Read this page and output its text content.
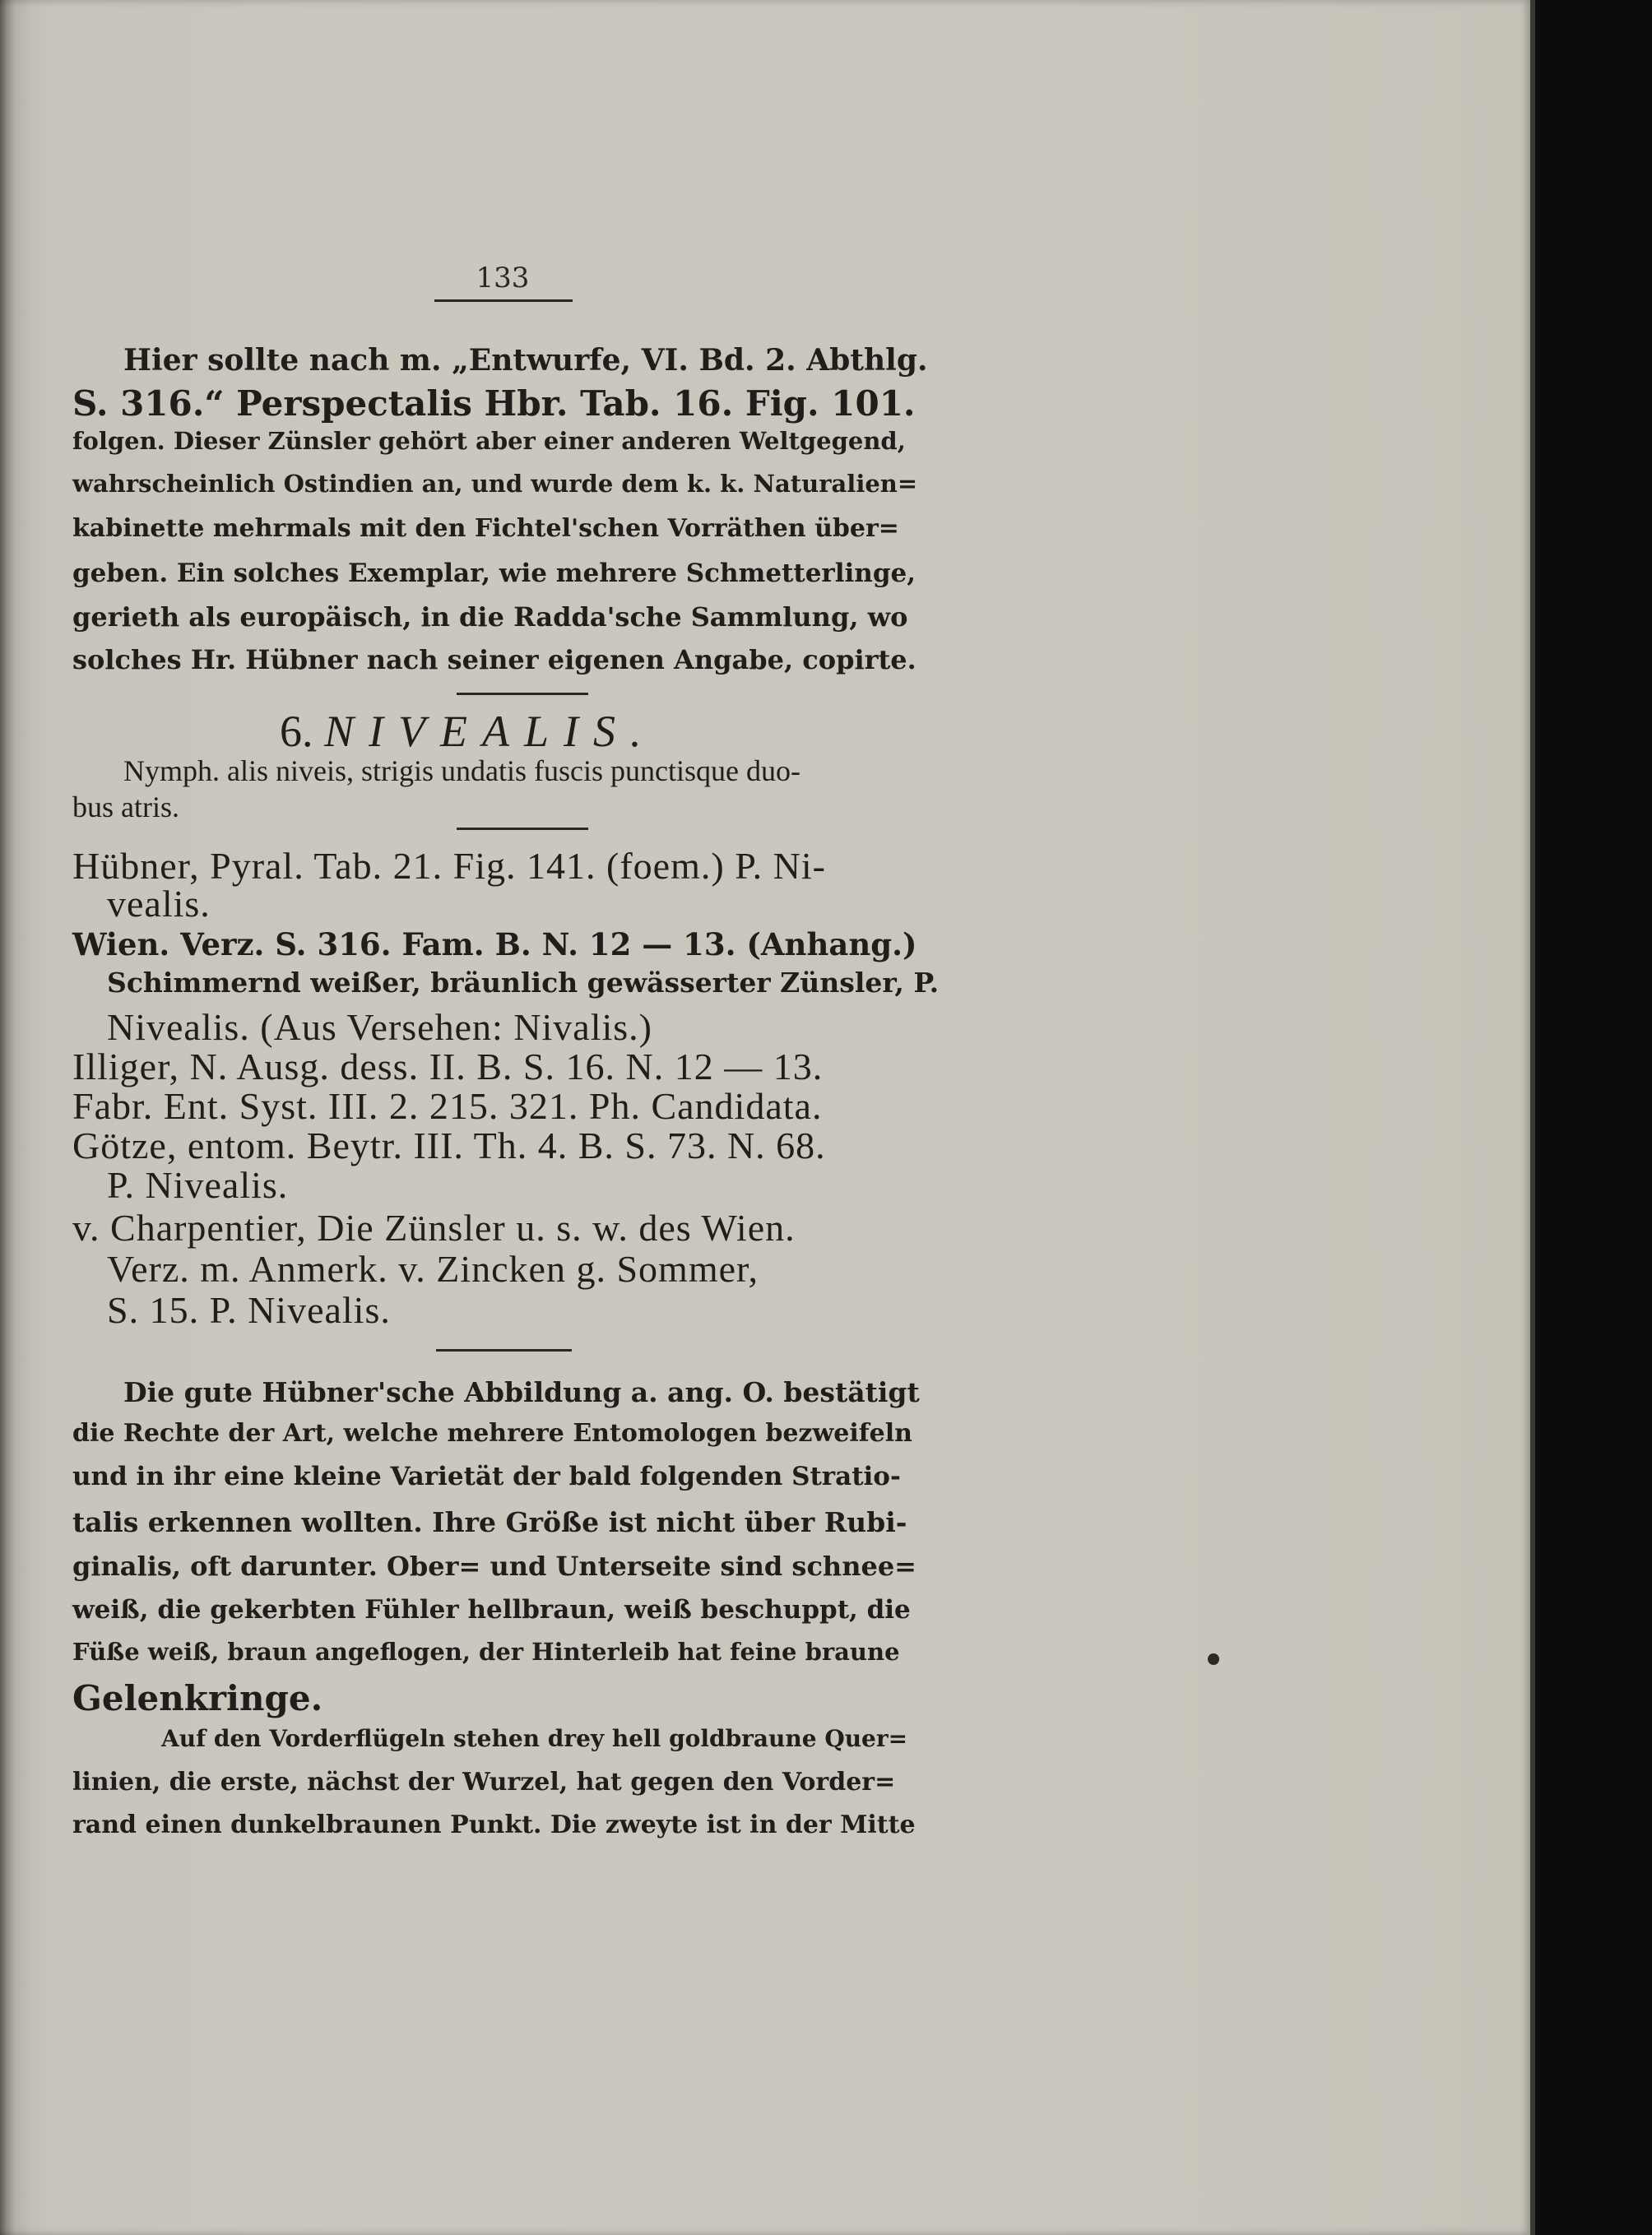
133
Hier sollte nach m. „Entwurfe, VI. Bd. 2. Abthlg.
S. 316.“ Perspectalis Hbr. Tab. 16. Fig. 101.
folgen. Dieser Zünsler gehört aber einer anderen Weltgegend,
wahrscheinlich Ostindien an, und wurde dem k. k. Naturalien=
kabinette mehrmals mit den Fichtel'schen Vorräthen über=
geben. Ein solches Exemplar, wie mehrere Schmetterlinge,
gerieth als europäisch, in die Radda'sche Sammlung, wo
solches Hr. Hübner nach seiner eigenen Angabe, copirte.
6. NIVEALIS.
Nymph. alis niveis, strigis undatis fuscis punctisque duo-
bus atris.
Hübner, Pyral. Tab. 21. Fig. 141. (foem.) P. Ni-
vealis.
Wien. Verz. S. 316. Fam. B. N. 12 — 13. (Anhang.)
Schimmernd weißer, bräunlich gewässerter Zünsler, P.
Nivealis. (Aus Versehen: Nivalis.)
Illiger, N. Ausg. dess. II. B. S. 16. N. 12 — 13.
Fabr. Ent. Syst. III. 2. 215. 321. Ph. Candidata.
Götze, entom. Beytr. III. Th. 4. B. S. 73. N. 68.
P. Nivealis.
v. Charpentier, Die Zünsler u. s. w. des Wien.
Verz. m. Anmerk. v. Zincken g. Sommer,
S. 15. P. Nivealis.
Die gute Hübner'sche Abbildung a. ang. O. bestätigt
die Rechte der Art, welche mehrere Entomologen bezweifeln
und in ihr eine kleine Varietät der bald folgenden Stratio-
talis erkennen wollten. Ihre Größe ist nicht über Rubi-
ginalis, oft darunter. Ober= und Unterseite sind schnee=
weiß, die gekerbten Fühler hellbraun, weiß beschuppt, die
Füße weiß, braun angeflogen, der Hinterleib hat feine braune
Gelenkringe.
Auf den Vorderflügeln stehen drey hell goldbraune Quer=
linien, die erste, nächst der Wurzel, hat gegen den Vorder=
rand einen dunkelbraunen Punkt. Die zweyte ist in der Mitte
